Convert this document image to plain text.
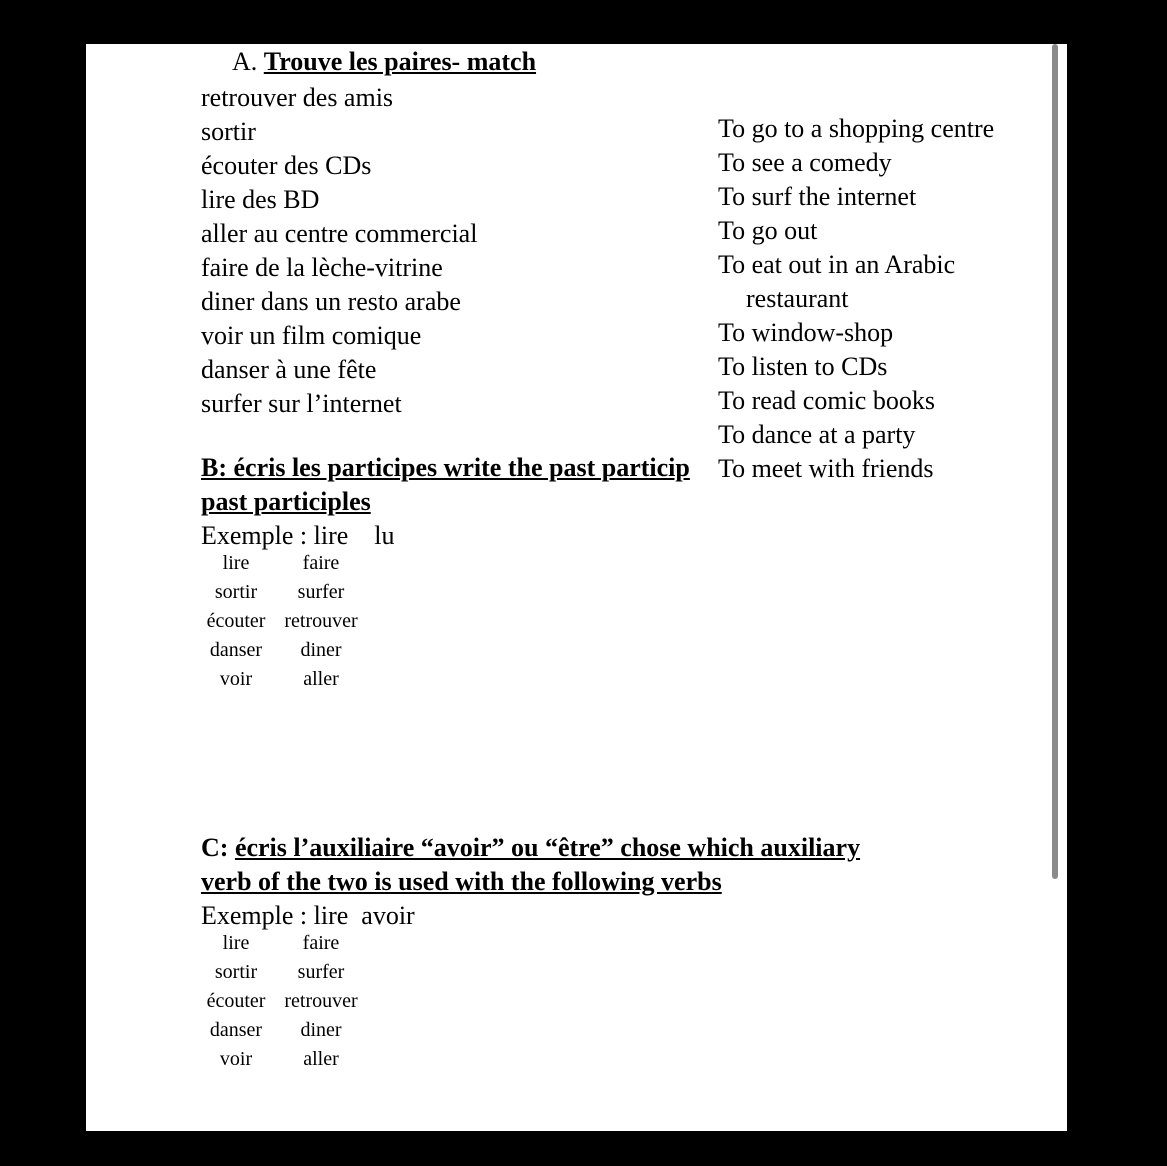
A. Trouve les paires- match
retrouver des amis
sortir
écouter des CDs
lire des BD
aller au centre commercial
faire de la lèche-vitrine
diner dans un resto arabe
voir un film comique
danser à une fête
surfer sur l’internet
To go to a shopping centre
To see a comedy
To surf the internet
To go out
To eat out in an Arabic
restaurant
To window-shop
To listen to CDs
To read comic books
To dance at a party
To meet with friends
B: écris les participes write the past particip
past participles
Exemple : lire    lu
lire
sortir
écouter
danser
voir
faire
surfer
retrouver
diner
aller
C: écris l’auxiliaire “avoir” ou “être” chose which auxiliary
verb of the two is used with the following verbs
Exemple : lire  avoir
lire
sortir
écouter
danser
voir
faire
surfer
retrouver
diner
aller
